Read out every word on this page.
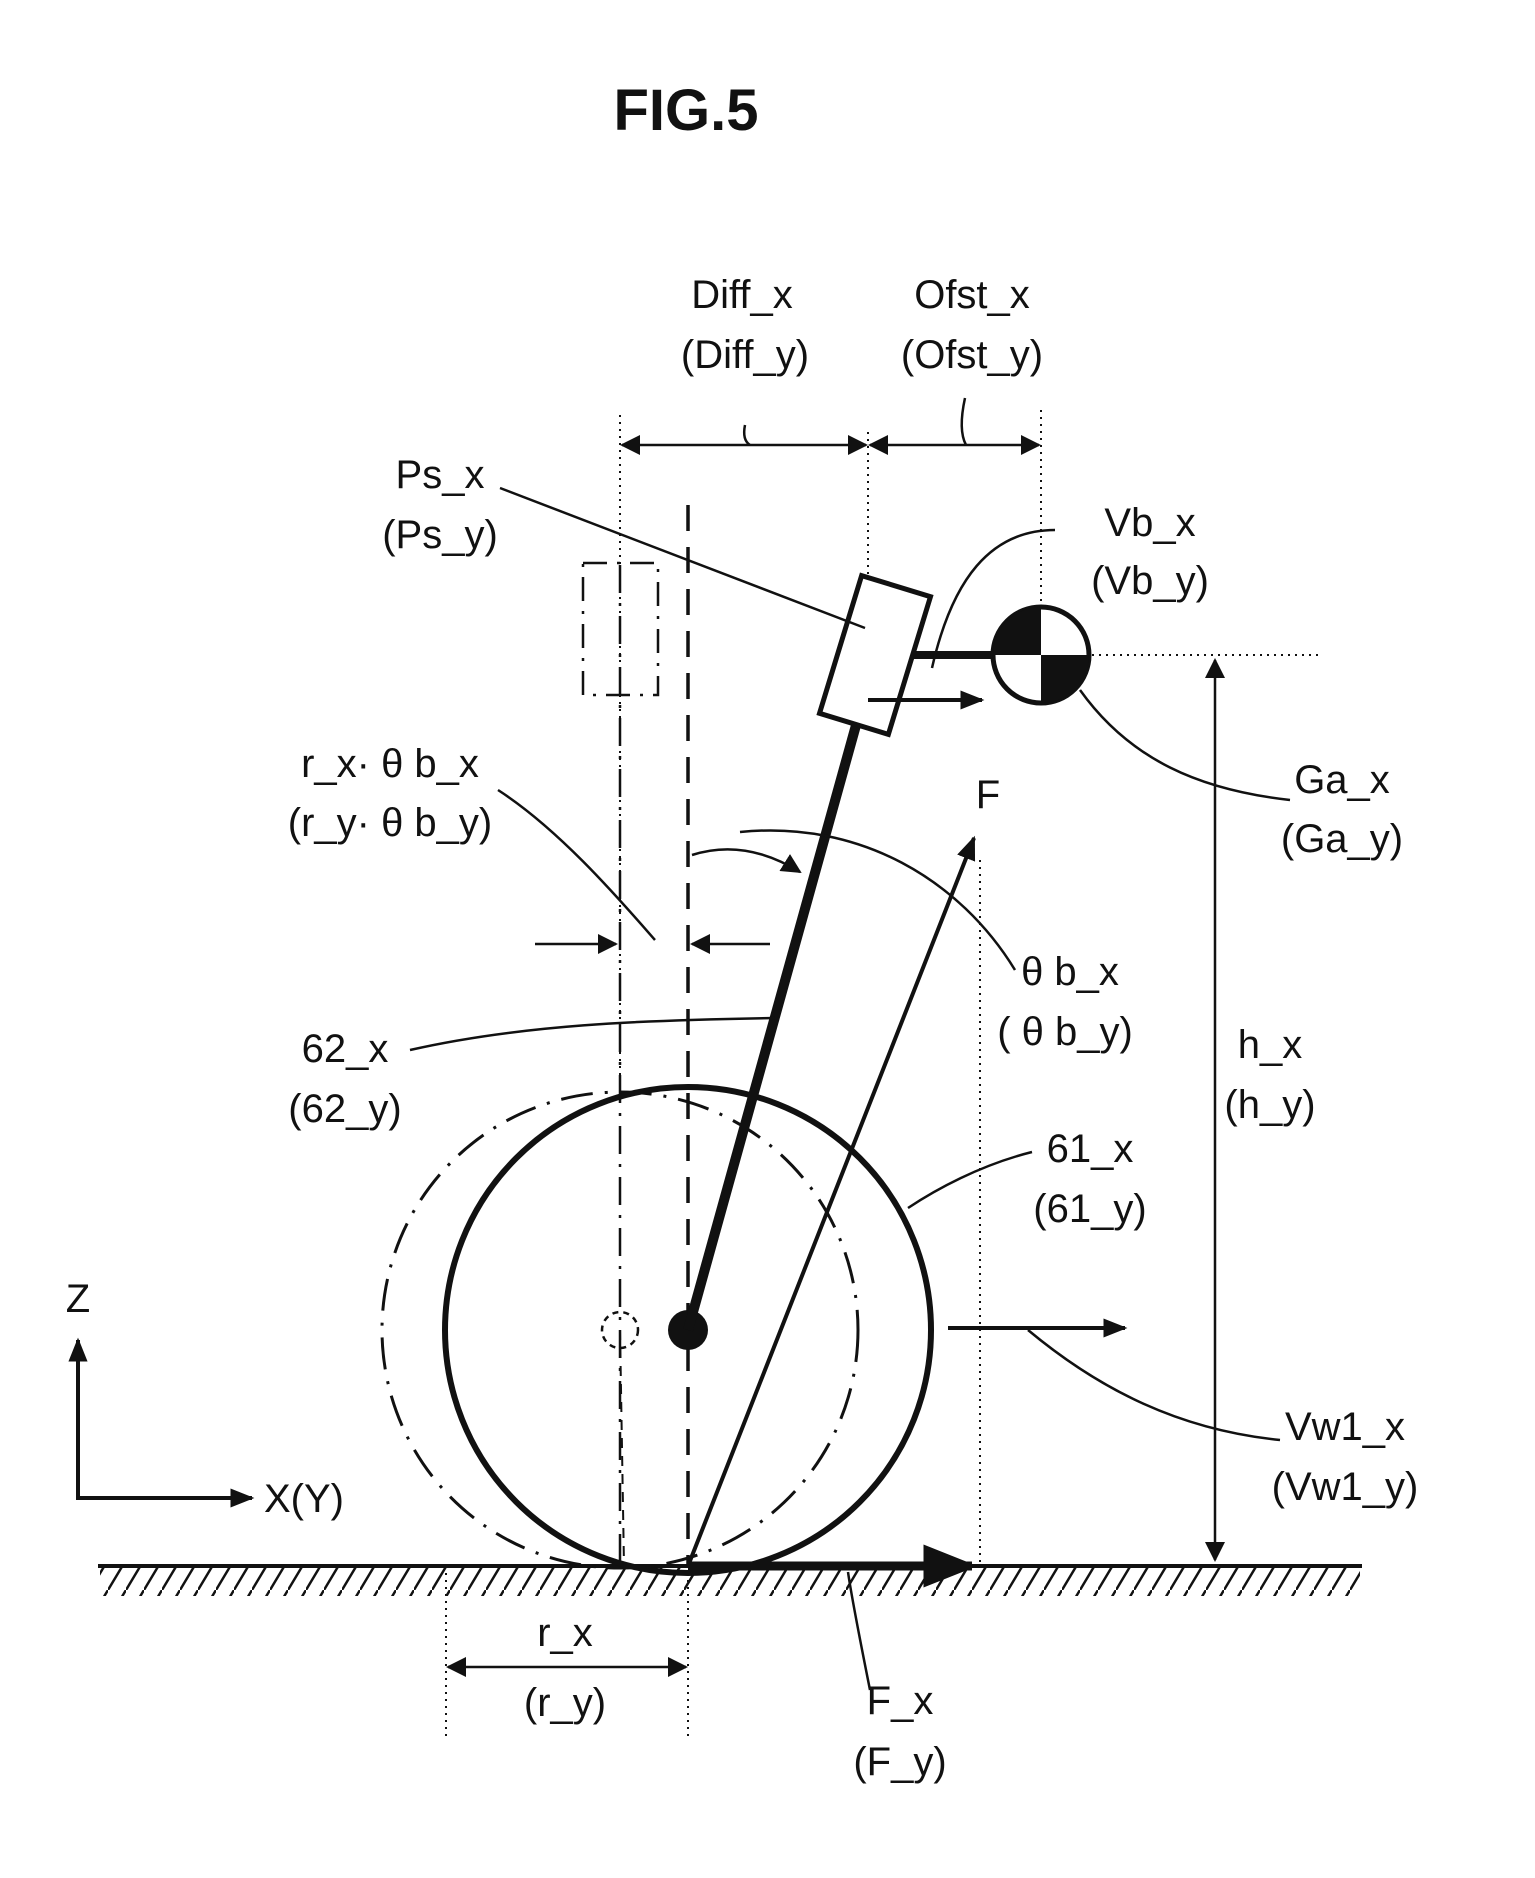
FIG.5
Z
X(Y)
Diff_x
(Diff_y)
Ofst_x
(Ofst_y)
Ps_x
(Ps_y)	Vb_x
(Vb_y)
Ga_x
(Ga_y)
r_x· θ b_x
(r_y· θ b_y)
F
θ b_x
( θ b_y)
62_x
(62_y)
h_x
(h_y)
61_x
(61_y)
Vw1_x
(Vw1_y)
r_x
(r_y)	F_x
(F_y)
